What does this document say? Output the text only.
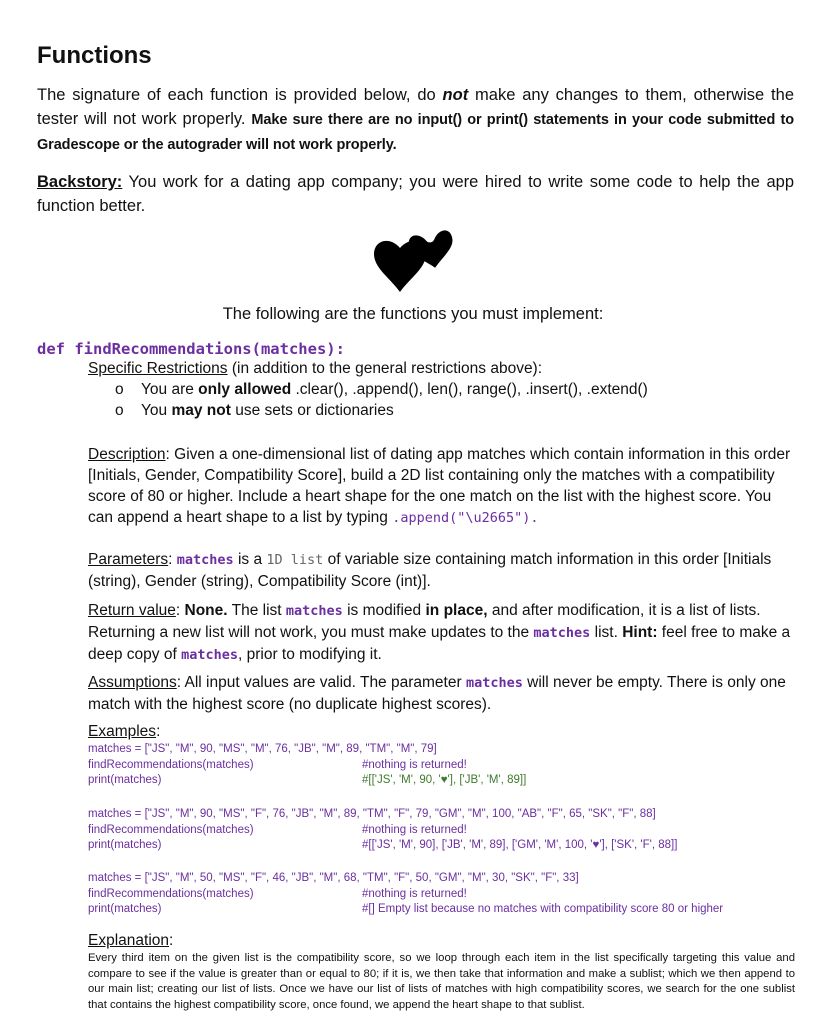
Functions
The signature of each function is provided below, do not make any changes to them, otherwise the tester will not work properly. Make sure there are no input() or print() statements in your code submitted to Gradescope or the autograder will not work properly.
Backstory: You work for a dating app company; you were hired to write some code to help the app function better.
The following are the functions you must implement:
def findRecommendations(matches):
Specific Restrictions (in addition to the general restrictions above):
o You are only allowed .clear(), .append(), len(), range(), .insert(), .extend()
o You may not use sets or dictionaries
Description: Given a one-dimensional list of dating app matches which contain information in this order [Initials, Gender, Compatibility Score], build a 2D list containing only the matches with a compatibility score of 80 or higher. Include a heart shape for the one match on the list with the highest score. You can append a heart shape to a list by typing .append("\u2665").
Parameters: matches is a 1D list of variable size containing match information in this order [Initials (string), Gender (string), Compatibility Score (int)].
Return value: None. The list matches is modified in place, and after modification, it is a list of lists. Returning a new list will not work, you must make updates to the matches list. Hint: feel free to make a deep copy of matches, prior to modifying it.
Assumptions: All input values are valid. The parameter matches will never be empty. There is only one match with the highest score (no duplicate highest scores).
Examples:
matches = ["JS", "M", 90, "MS", "M", 76, "JB", "M", 89, "TM", "M", 79]
findRecommendations(matches)
print(matches)
#nothing is returned!
#[['JS', 'M', 90, '♥'], ['JB', 'M', 89]]
matches = ["JS", "M", 90, "MS", "F", 76, "JB", "M", 89, "TM", "F", 79, "GM", "M", 100, "AB", "F", 65, "SK", "F", 88]
findRecommendations(matches)
print(matches)
#nothing is returned!
#[['JS', 'M', 90], ['JB', 'M', 89], ['GM', 'M', 100, '♥'], ['SK', 'F', 88]]
matches = ["JS", "M", 50, "MS", "F", 46, "JB", "M", 68, "TM", "F", 50, "GM", "M", 30, "SK", "F", 33]
findRecommendations(matches)
print(matches)
#nothing is returned!
#[] Empty list because no matches with compatibility score 80 or higher
Explanation:
Every third item on the given list is the compatibility score, so we loop through each item in the list specifically targeting this value and compare to see if the value is greater than or equal to 80; if it is, we then take that information and make a sublist; which we then append to our main list; creating our list of lists. Once we have our list of lists of matches with high compatibility scores, we search for the one sublist that contains the highest compatibility score, once found, we append the heart shape to that sublist.
